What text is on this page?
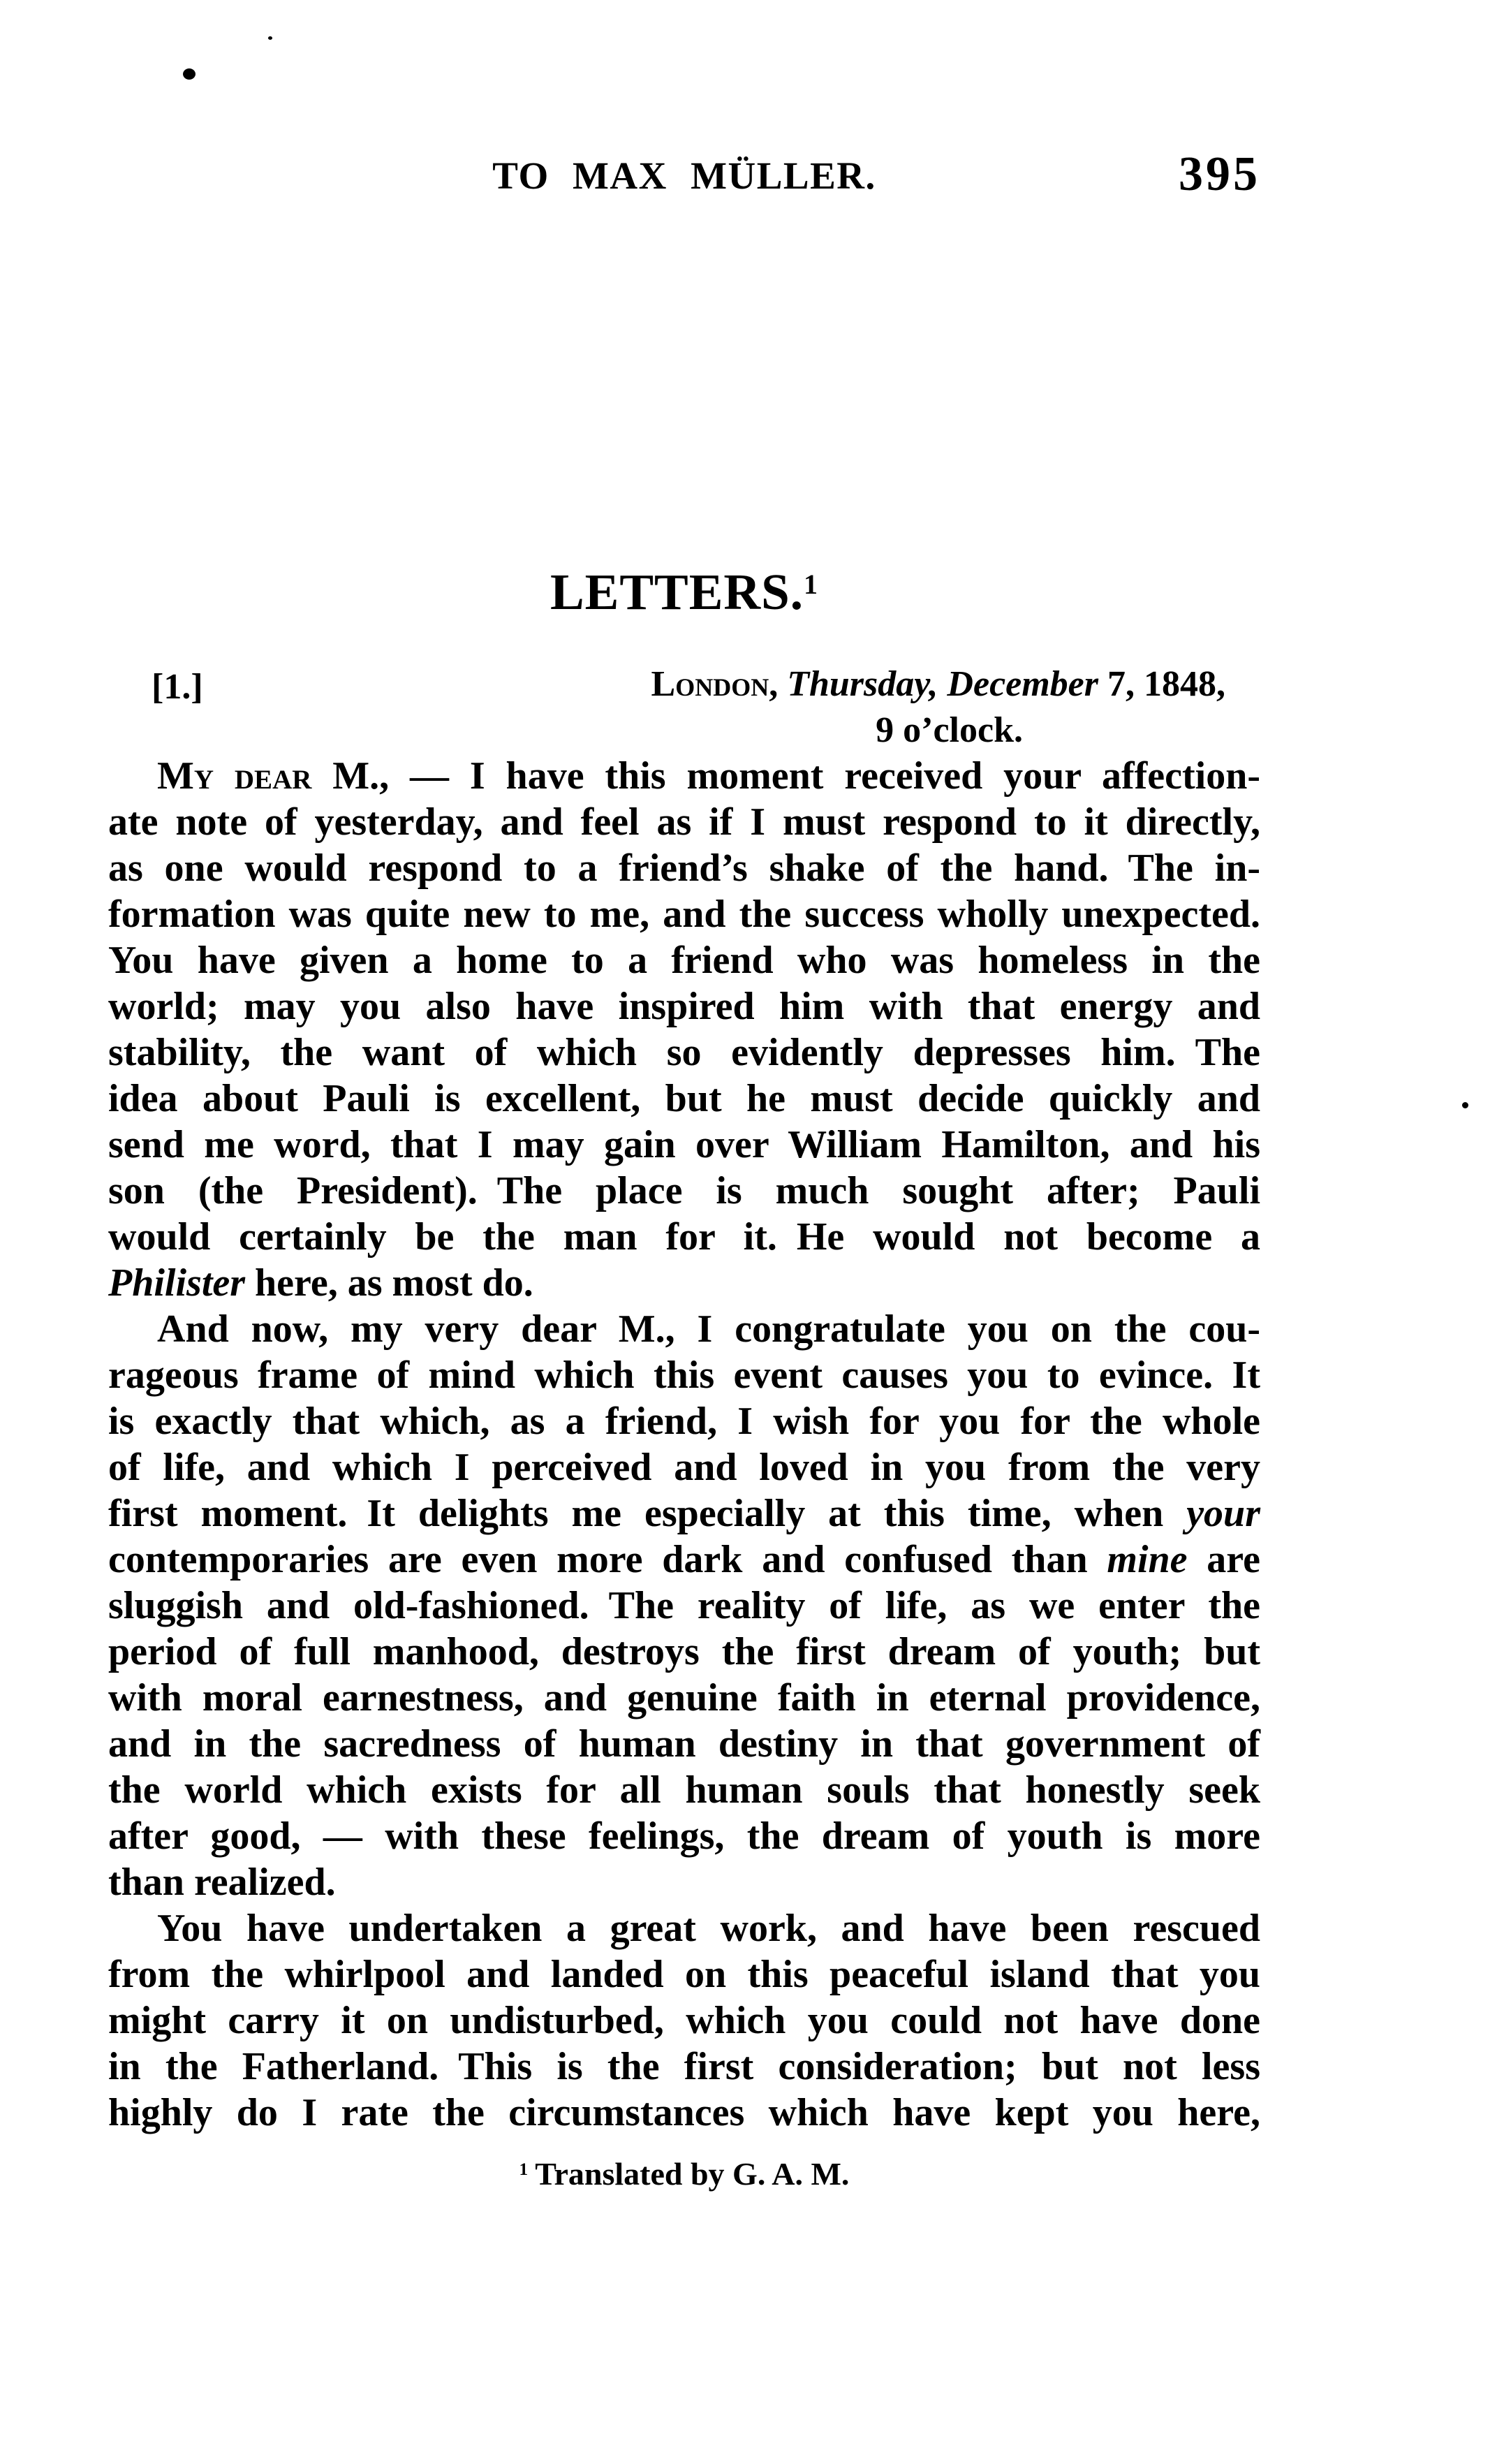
TO MAX MÜLLER.	395
LETTERS.$^1$
[1.]	London, Thursday, December 7, 1848,
9 o’clock.
My dear M., — I have this moment received your affection-
ate note of yesterday, and feel as if I must respond to it directly,
as one would respond to a friend’s shake of the hand. The in-
formation was quite new to me, and the success wholly unexpected.
You have given a home to a friend who was homeless in the
world; may you also have inspired him with that energy and
stability, the want of which so evidently depresses him. The
idea about Pauli is excellent, but he must decide quickly and
send me word, that I may gain over William Hamilton, and his
son (the President). The place is much sought after; Pauli
would certainly be the man for it. He would not become a
Philister here, as most do.
And now, my very dear M., I congratulate you on the cou-
rageous frame of mind which this event causes you to evince. It
is exactly that which, as a friend, I wish for you for the whole
of life, and which I perceived and loved in you from the very
first moment. It delights me especially at this time, when your
contemporaries are even more dark and confused than mine are
sluggish and old-fashioned. The reality of life, as we enter the
period of full manhood, destroys the first dream of youth; but
with moral earnestness, and genuine faith in eternal providence,
and in the sacredness of human destiny in that government of
the world which exists for all human souls that honestly seek
after good, — with these feelings, the dream of youth is more
than realized.
You have undertaken a great work, and have been rescued
from the whirlpool and landed on this peaceful island that you
might carry it on undisturbed, which you could not have done
in the Fatherland. This is the first consideration; but not less
highly do I rate the circumstances which have kept you here,
$^1$ Translated by G. A. M.
